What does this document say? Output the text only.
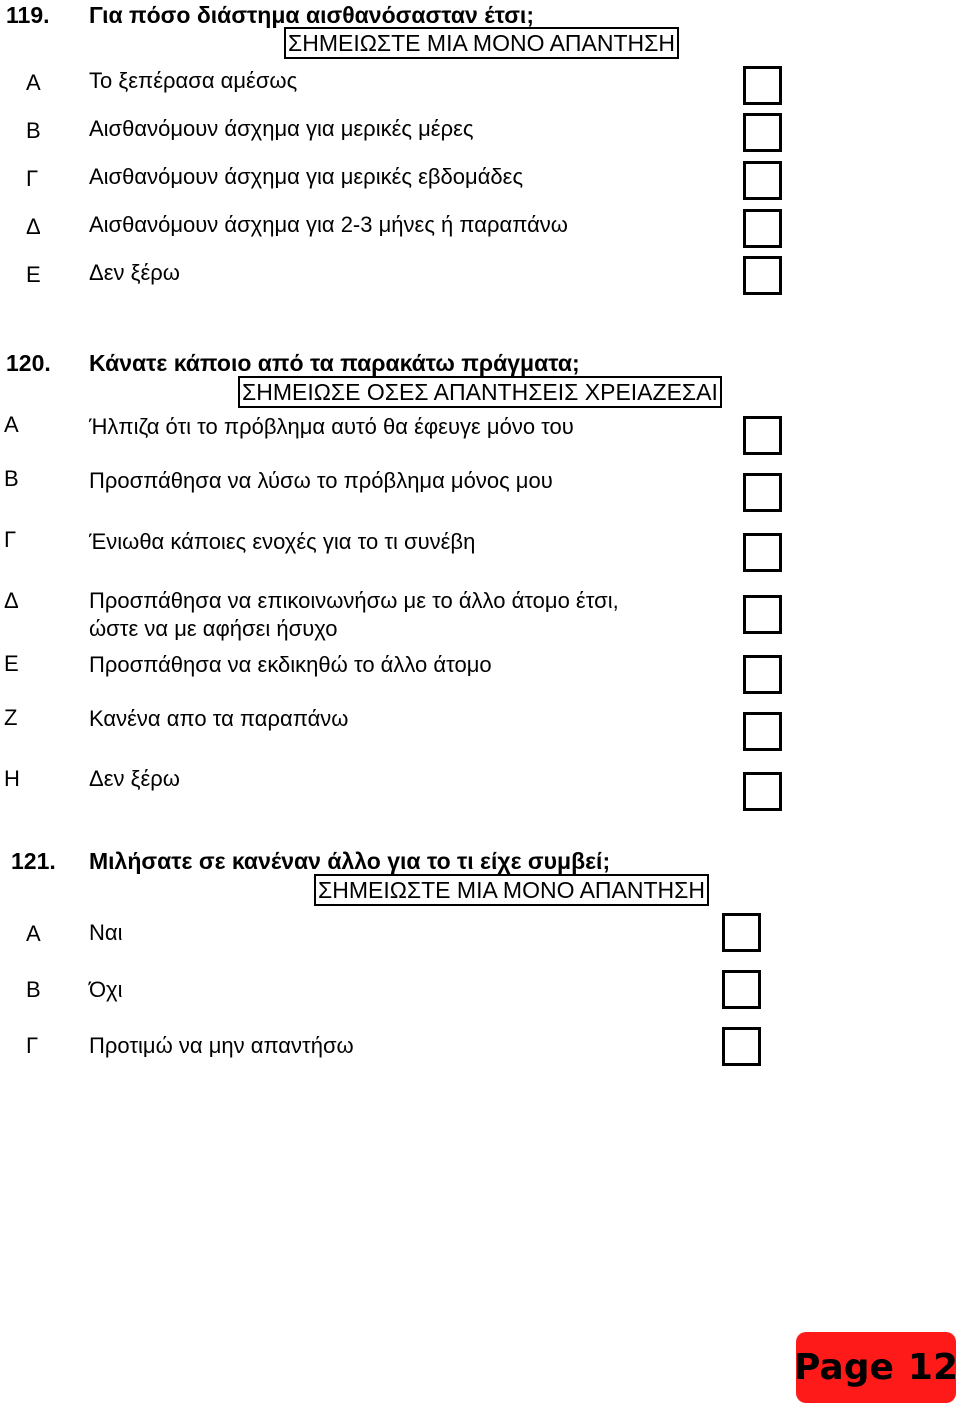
119. Για πόσο διάστημα αισθανόσασταν έτσι;
ΣΗΜΕΙΩΣΤΕ ΜΙΑ ΜΟΝΟ ΑΠΑΝΤΗΣΗ
Α Το ξεπέρασα αμέσως
Β Αισθανόμουν άσχημα για μερικές μέρες
Γ Αισθανόμουν άσχημα για μερικές εβδομάδες
Δ Αισθανόμουν άσχημα για 2-3 μήνες ή παραπάνω
Ε Δεν ξέρω
120. Κάνατε κάποιο από τα παρακάτω πράγματα;
ΣΗΜΕΙΩΣΕ ΟΣΕΣ ΑΠΑΝΤΗΣΕΙΣ ΧΡΕΙΑΖΕΣΑΙ
Α	Ήλπιζα ότι το πρόβλημα αυτό θα έφευγε μόνο του
Β	Προσπάθησα να λύσω το πρόβλημα μόνος μου
Γ	Ένιωθα κάποιες ενοχές για το τι συνέβη
Δ	Προσπάθησα να επικοινωνήσω με το άλλο άτομο έτσι,
ώστε να με αφήσει ήσυχο
Ε	Προσπάθησα να εκδικηθώ το άλλο άτομο
Ζ	Κανένα απο τα παραπάνω
Η	Δεν ξέρω
121. Μιλήσατε σε κανέναν άλλο για το τι είχε συμβεί;
ΣΗΜΕΙΩΣΤΕ ΜΙΑ ΜΟΝΟ ΑΠΑΝΤΗΣΗ
Α Ναι
Β Όχι
Γ Προτιμώ να μην απαντήσω
Page 12
